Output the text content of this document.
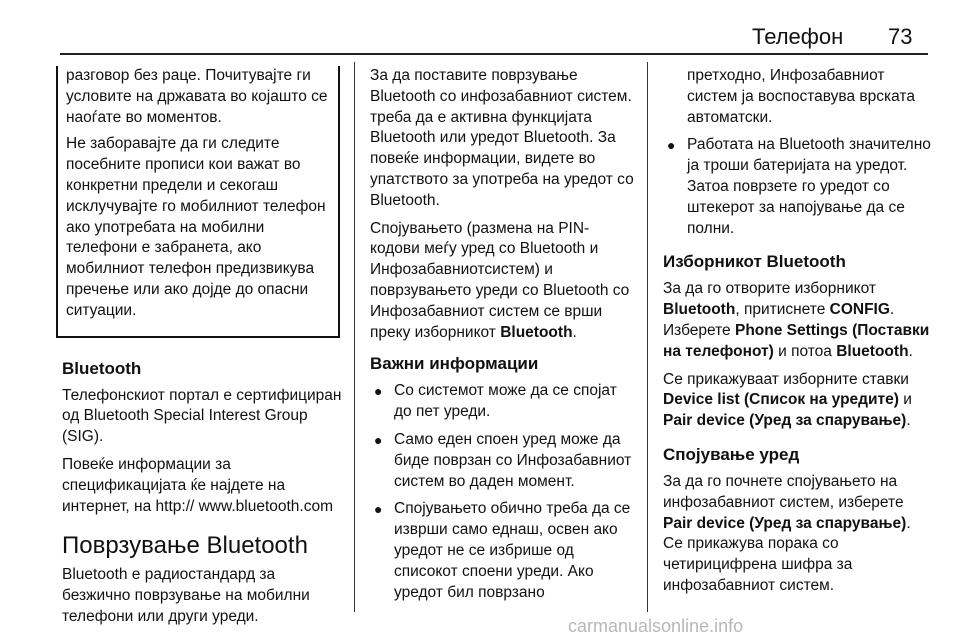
Телефон 73

разговор без раце. Почитувајте ги условите на државата во којашто се наоѓате во моментов.

Не заборавајте да ги следите посебните прописи кои важат во конкретни предели и секогаш исклучувајте го мобилниот телефон ако употребата на мобилни телефони е забранета, ако мобилниот телефон предизвикува пречење или ако дојде до опасни ситуации.

Bluetooth

Телефонскиот портал е сертифициран од Bluetooth Special Interest Group (SIG).

Повеќе информации за спецификацијата ќе најдете на интернет, на http:// www.bluetooth.com

Поврзување Bluetooth

Bluetooth е радиостандард за безжично поврзување на мобилни телефони или други уреди.

За да поставите поврзување Bluetooth со инфозабавниот систем. треба да е активна функцијата Bluetooth или уредот Bluetooth. За повеќе информации, видете во упатството за употреба на уредот со Bluetooth.

Спојувањето (размена на PIN-кодови меѓу уред со Bluetooth и Инфозабавниотсистем) и поврзувањето уреди со Bluetooth со Инфозабавниот систем се врши преку изборникот Bluetooth.

Важни информации
● Со системот може да се спојат до пет уреди.
● Само еден споен уред може да биде поврзан со Инфозабавниот систем во даден момент.
● Спојувањето обично треба да се изврши само еднаш, освен ако уредот не се избрише од списокот споени уреди. Ако уредот бил поврзано

претходно, Инфозабавниот систем ја воспоставува врската автоматски.

● Работата на Bluetooth значително ја троши батеријата на уредот. Затоа поврзете го уредот со штекерот за напојување да се полни.
Изборникот Bluetooth

За да го отворите изборникот Bluetooth, притиснете CONFIG. Изберете Phone Settings (Поставки на телефонот) и потоа Bluetooth.

Се прикажуваат изборните ставки Device list (Список на уредите) и Pair device (Уред за спарување).

Спојување уред

За да го почнете спојувањето на инфозабавниот систем, изберете Pair device (Уред за спарување). Се прикажува порака со четирицифрена шифра за инфозабавниот систем.

carmanualsonline.info
